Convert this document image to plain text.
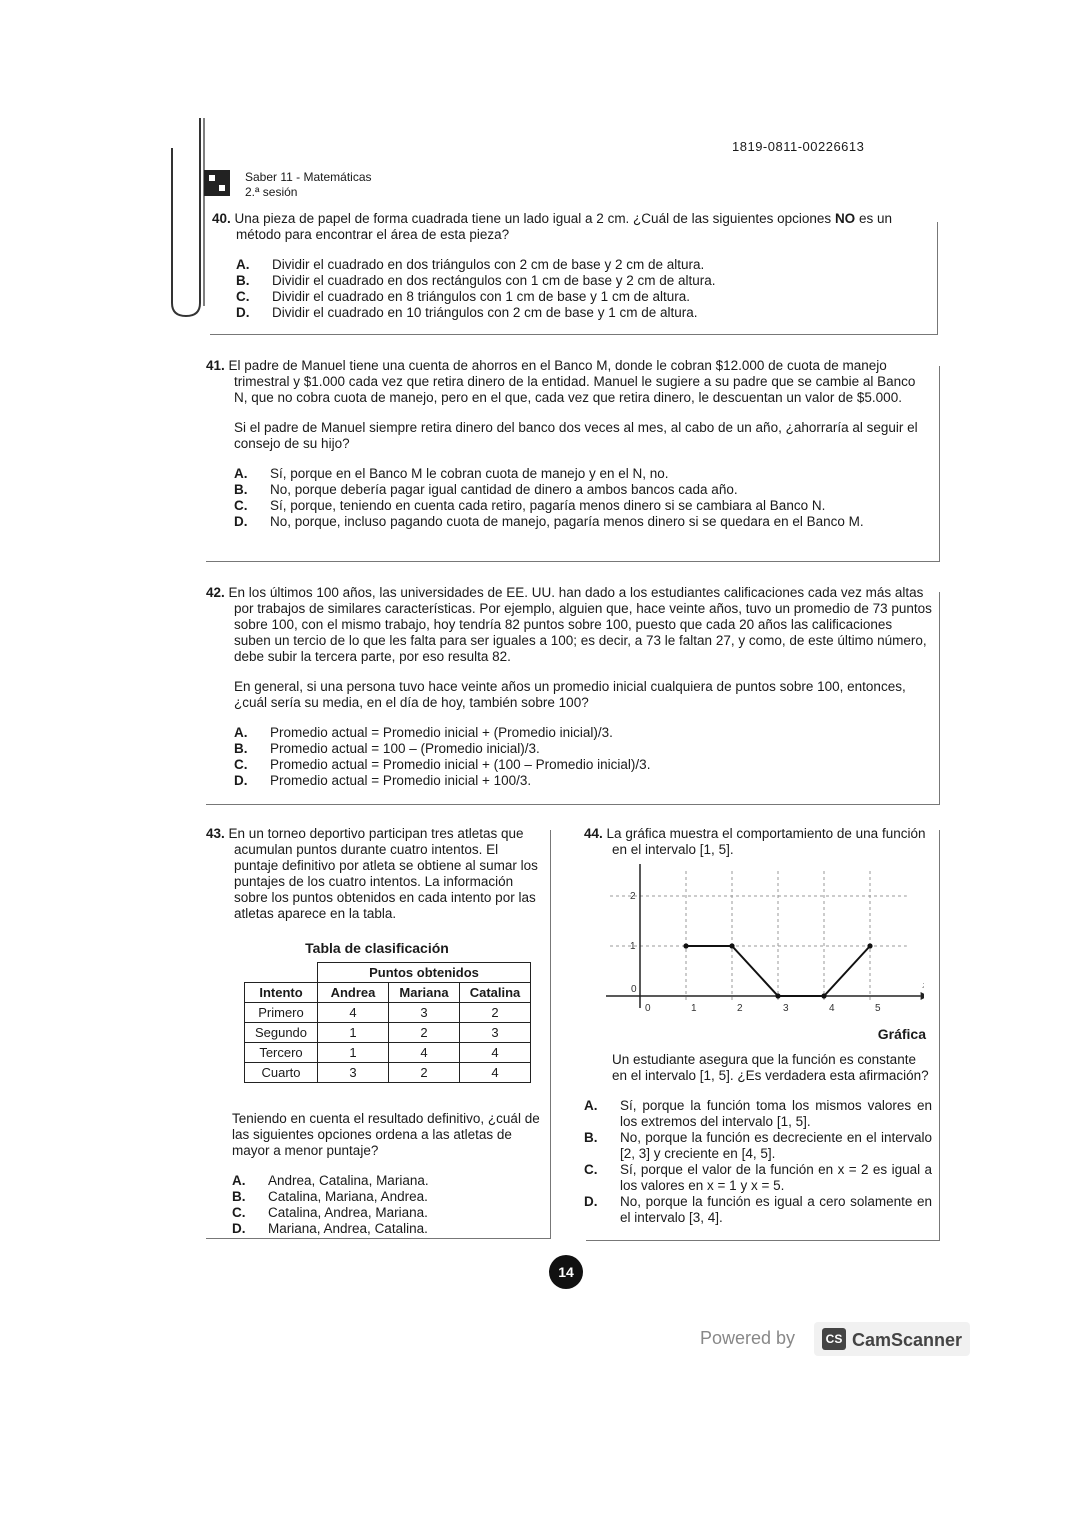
1819-0811-00226613
Saber 11 - Matemáticas
2.ª sesión
40. Una pieza de papel de forma cuadrada tiene un lado igual a 2 cm. ¿Cuál de las siguientes opciones NO es un método para encontrar el área de esta pieza?
A.	Dividir el cuadrado en dos triángulos con 2 cm de base y 2 cm de altura.
B.	Dividir el cuadrado en dos rectángulos con 1 cm de base y 2 cm de altura.
C.	Dividir el cuadrado en 8 triángulos con 1 cm de base y 1 cm de altura.
D.	Dividir el cuadrado en 10 triángulos con 2 cm de base y 1 cm de altura.
41. El padre de Manuel tiene una cuenta de ahorros en el Banco M, donde le cobran $12.000 de cuota de manejo trimestral y $1.000 cada vez que retira dinero de la entidad. Manuel le sugiere a su padre que se cambie al Banco N, que no cobra cuota de manejo, pero en el que, cada vez que retira dinero, le descuentan un valor de $5.000.
Si el padre de Manuel siempre retira dinero del banco dos veces al mes, al cabo de un año, ¿ahorraría al seguir el consejo de su hijo?
A.	Sí, porque en el Banco M le cobran cuota de manejo y en el N, no.
B.	No, porque debería pagar igual cantidad de dinero a ambos bancos cada año.
C.	Sí, porque, teniendo en cuenta cada retiro, pagaría menos dinero si se cambiara al Banco N.
D.	No, porque, incluso pagando cuota de manejo, pagaría menos dinero si se quedara en el Banco M.
42. En los últimos 100 años, las universidades de EE. UU. han dado a los estudiantes calificaciones cada vez más altas por trabajos de similares características. Por ejemplo, alguien que, hace veinte años, tuvo un promedio de 73 puntos sobre 100, con el mismo trabajo, hoy tendría 82 puntos sobre 100, puesto que cada 20 años las calificaciones suben un tercio de lo que les falta para ser iguales a 100; es decir, a 73 le faltan 27, y como, de este último número, debe subir la tercera parte, por eso resulta 82.
En general, si una persona tuvo hace veinte años un promedio inicial cualquiera de puntos sobre 100, entonces, ¿cuál sería su media, en el día de hoy, también sobre 100?
A.	Promedio actual = Promedio inicial + (Promedio inicial)/3.
B.	Promedio actual = 100 – (Promedio inicial)/3.
C.	Promedio actual = Promedio inicial + (100 – Promedio inicial)/3.
D.	Promedio actual = Promedio inicial + 100/3.
43. En un torneo deportivo participan tres atletas que acumulan puntos durante cuatro intentos. El puntaje definitivo por atleta se obtiene al sumar los puntajes de los cuatro intentos. La información sobre los puntos obtenidos en cada intento por las atletas aparece en la tabla.
Tabla de clasificación
	Puntos obtenidos		
Intento	Andrea	Mariana	Catalina
Primero	4	3	2
Segundo	1	2	3
Tercero	1	4	4
Cuarto	3	2	4
Teniendo en cuenta el resultado definitivo, ¿cuál de las siguientes opciones ordena a las atletas de mayor a menor puntaje?
A.	Andrea, Catalina, Mariana.
B.	Catalina, Mariana, Andrea.
C.	Catalina, Andrea, Mariana.
D.	Mariana, Andrea, Catalina.
44. La gráfica muestra el comportamiento de una función en el intervalo [1, 5].
0	1	2	3	4	5
0
1
2
Gráfica
Un estudiante asegura que la función es constante en el intervalo [1, 5]. ¿Es verdadera esta afirmación?
A.	Sí, porque la función toma los mismos valores en los extremos del intervalo [1, 5].
B.	No, porque la función es decreciente en el intervalo [2, 3] y creciente en [4, 5].
C.	Sí, porque el valor de la función en x = 2 es igual a los valores en x = 1 y x = 5.
D.	No, porque la función es igual a cero solamente en el intervalo [3, 4].
14
Powered by	CS CamScanner
